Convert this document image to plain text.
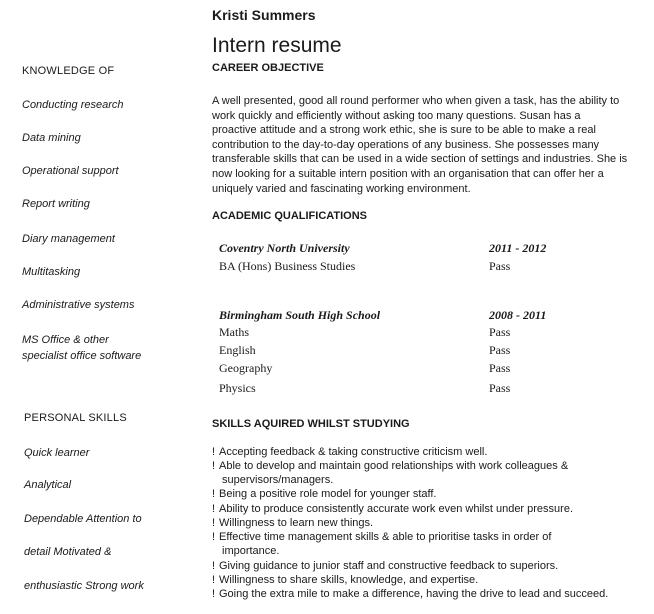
Kristi Summers
Intern resume
KNOWLEDGE OF
Conducting research
Data mining
Operational support
Report writing
Diary management
Multitasking
Administrative systems
MS Office & other
specialist office software
PERSONAL SKILLS
Quick learner
Analytical
Dependable Attention to
detail Motivated &
enthusiastic Strong work
CAREER OBJECTIVE
A well presented, good all round performer who when given a task, has the ability to work quickly and efficiently without asking too many questions. Susan has a proactive attitude and a strong work ethic, she is sure to be able to make a real contribution to the day-to-day operations of any business. She possesses many transferable skills that can be used in a wide section of settings and industries. She is now looking for a suitable intern position with an organisation that can offer her a uniquely varied and fascinating working environment.
ACADEMIC QUALIFICATIONS
Coventry North University	2011 - 2012
BA (Hons) Business Studies	Pass
Birmingham South High School	2008 - 2011
Maths	Pass
English	Pass
Geography	Pass
Physics	Pass
SKILLS AQUIRED WHILST STUDYING
! Accepting feedback & taking constructive criticism well.
! Able to develop and maintain good relationships with work colleagues &
supervisors/managers.
! Being a positive role model for younger staff.
! Ability to produce consistently accurate work even whilst under pressure.
! Willingness to learn new things.
! Effective time management skills & able to prioritise tasks in order of
importance.
! Giving guidance to junior staff and constructive feedback to superiors.
! Willingness to share skills, knowledge, and expertise.
! Going the extra mile to make a difference, having the drive to lead and succeed.
